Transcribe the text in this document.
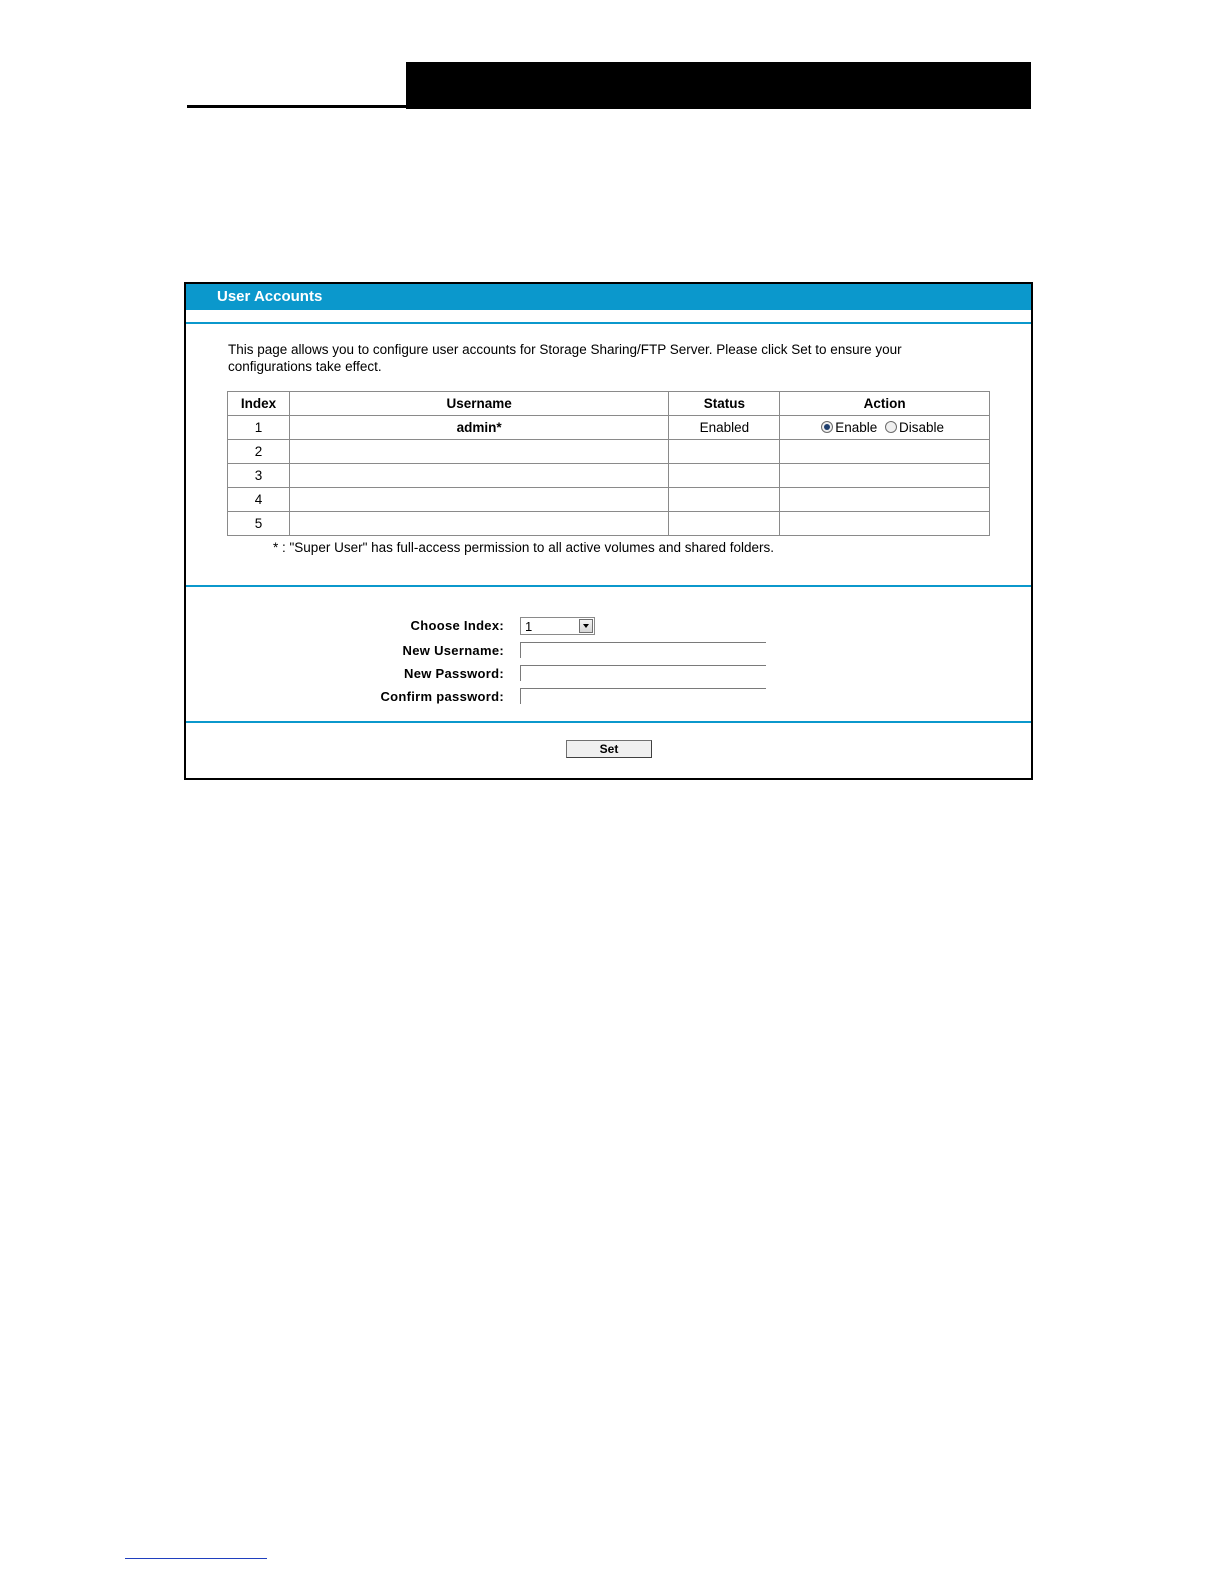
User Accounts
This page allows you to configure user accounts for Storage Sharing/FTP Server. Please click Set to ensure your configurations take effect.
Index	Username	Status	Action
1	admin*	Enabled	Enable Disable
2			
3			
4			
5			
* : "Super User" has full-access permission to all active volumes and shared folders.
Choose Index: 1
New Username:
New Password:
Confirm password:
Set
